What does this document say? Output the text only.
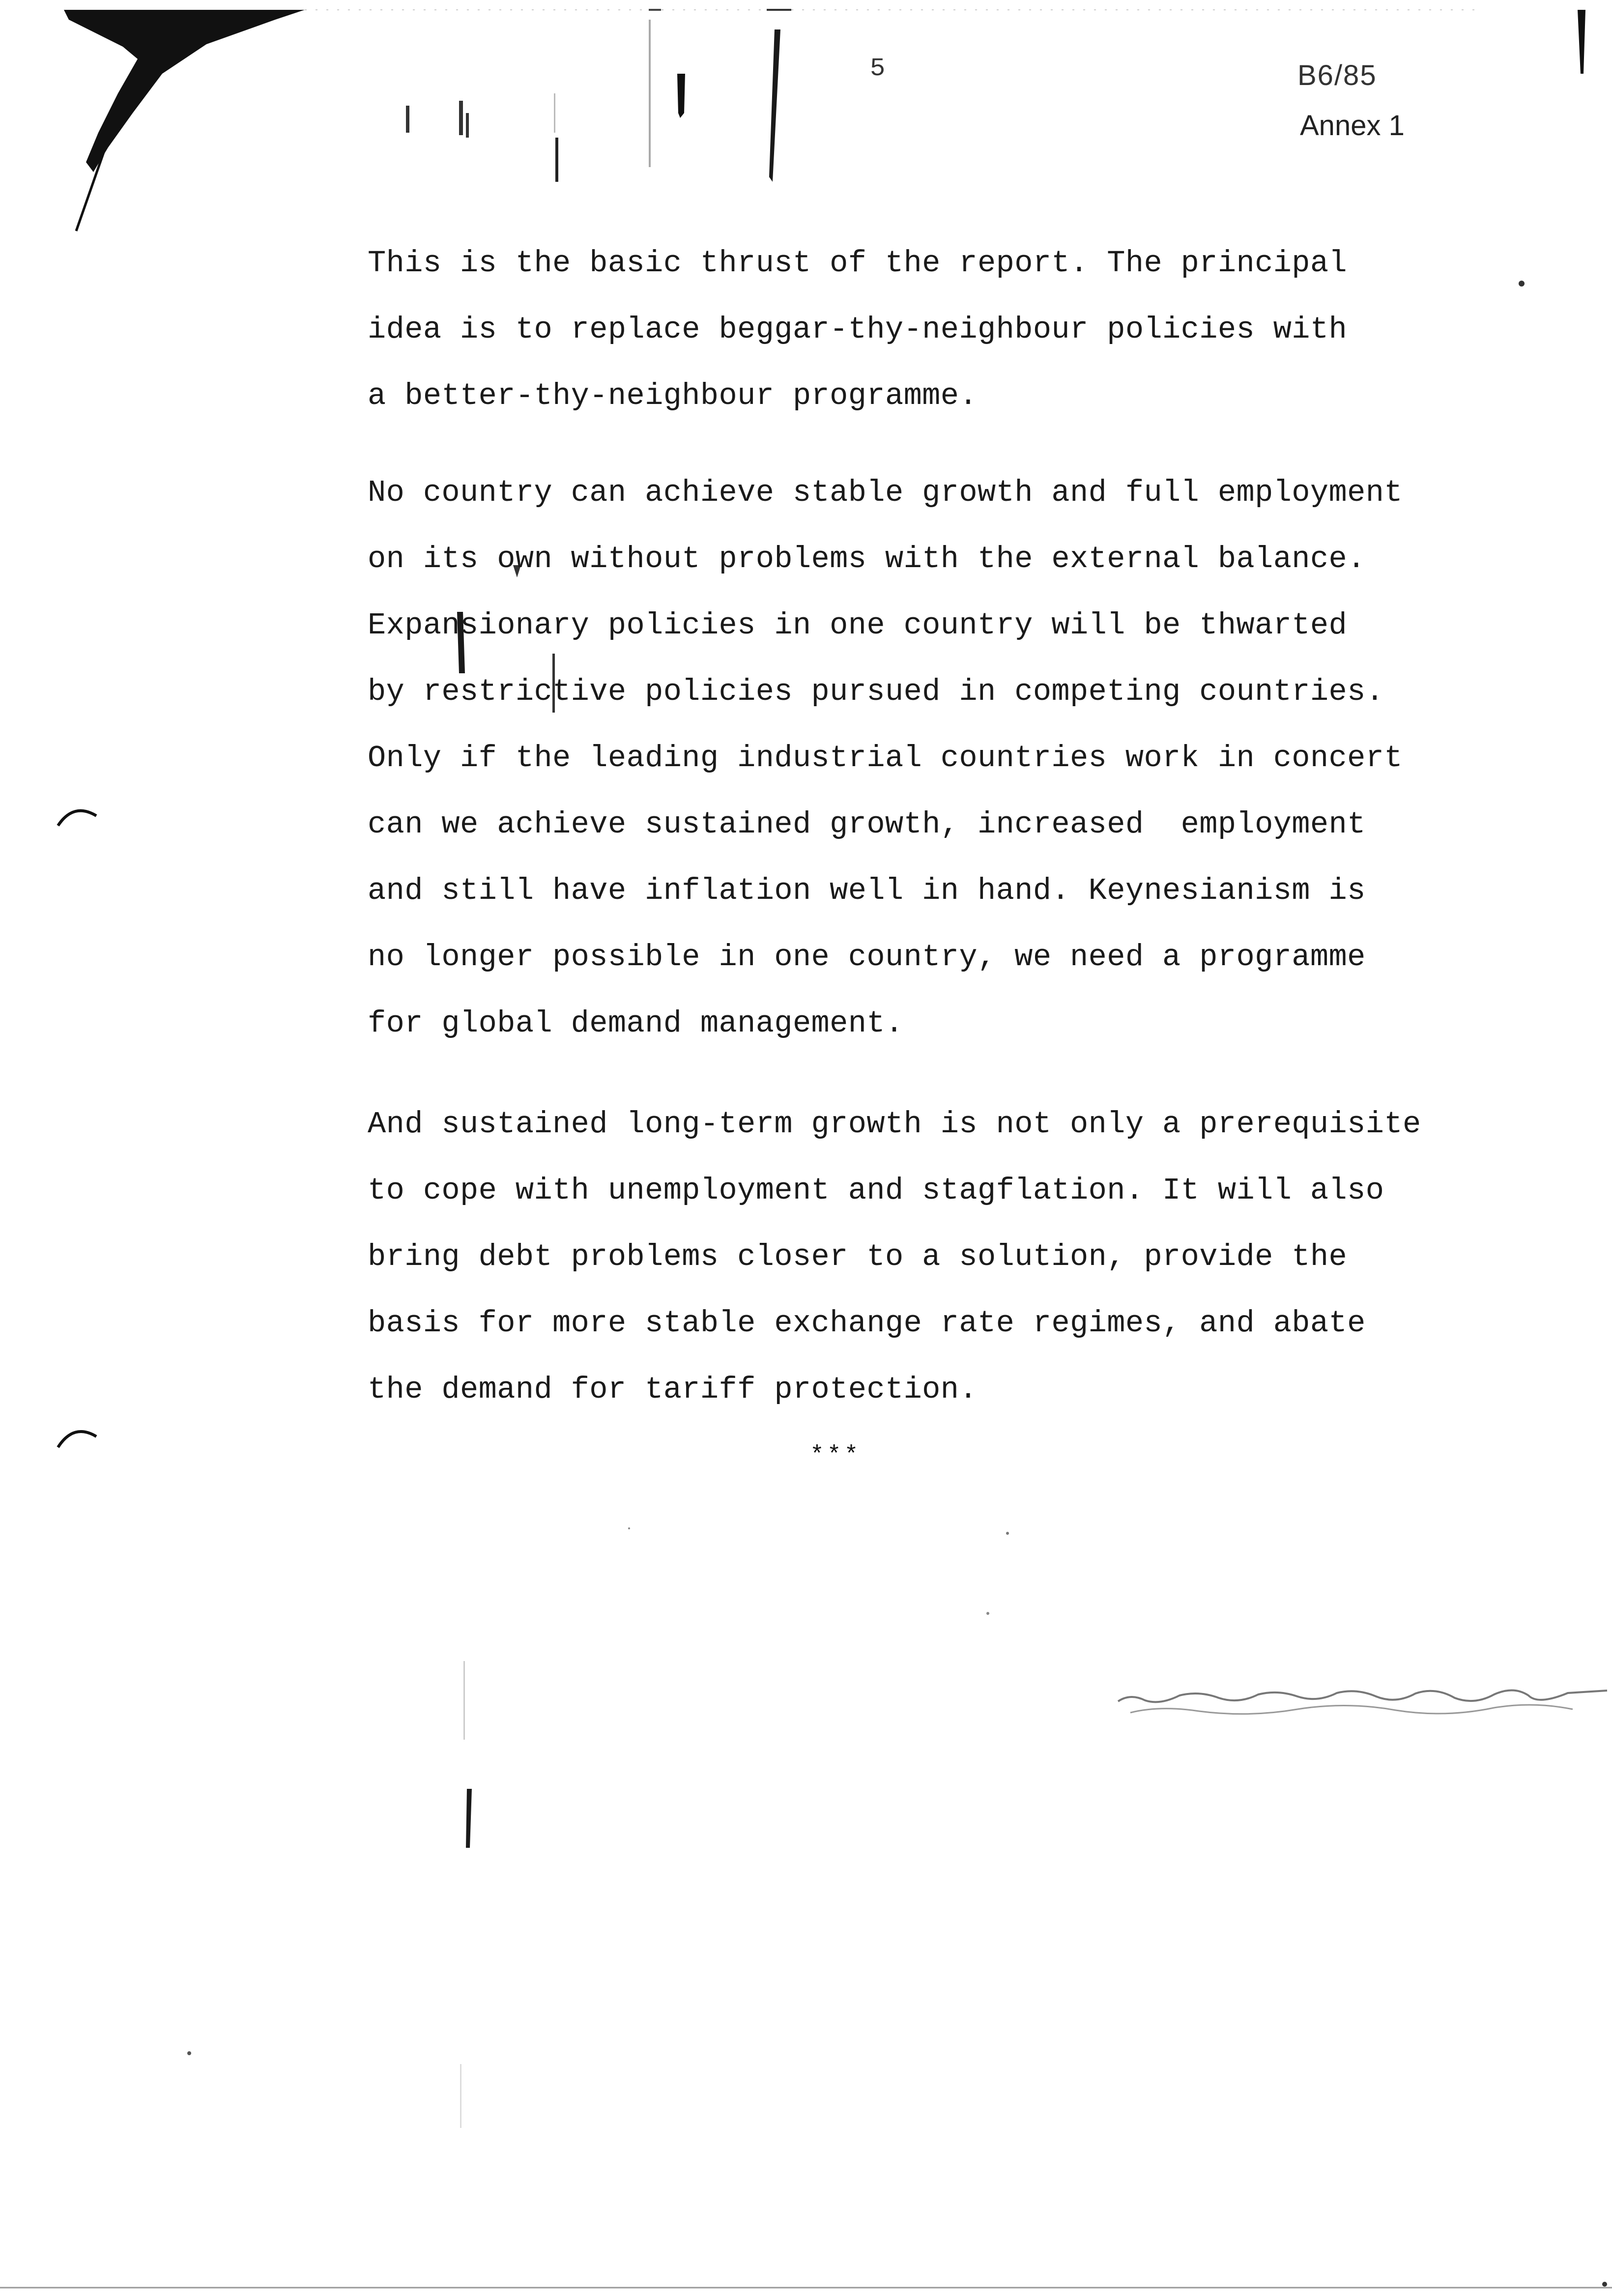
5	B6/85
Annex 1
This is the basic thrust of the report. The principal
idea is to replace beggar-thy-neighbour policies with
a better-thy-neighbour programme.
No country can achieve stable growth and full employment
on its own without problems with the external balance.
Expansionary policies in one country will be thwarted
by restrictive policies pursued in competing countries.
Only if the leading industrial countries work in concert
can we achieve sustained growth, increased  employment
and still have inflation well in hand. Keynesianism is
no longer possible in one country, we need a programme
for global demand management.
And sustained long-term growth is not only a prerequisite
to cope with unemployment and stagflation. It will also
bring debt problems closer to a solution, provide the
basis for more stable exchange rate regimes, and abate
the demand for tariff protection.
***
